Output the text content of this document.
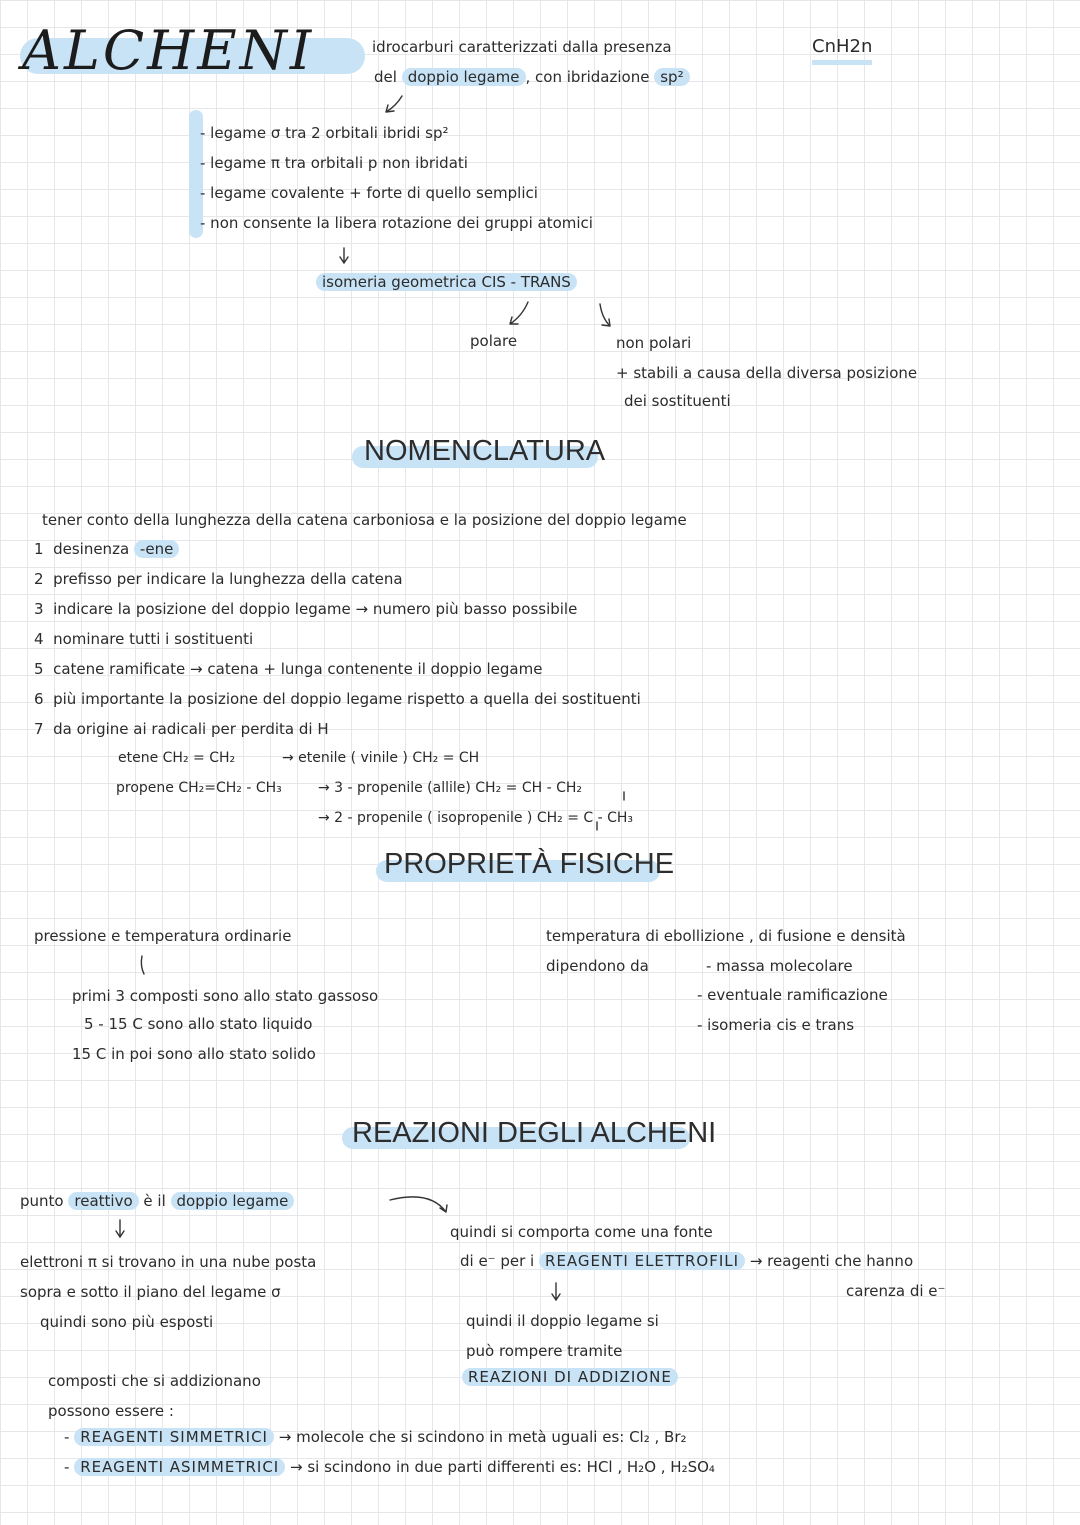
ALCHENI	idrocarburi caratterizzati dalla presenza
del doppio legame , con ibridazione sp²
CnH2n
- legame σ tra 2 orbitali ibridi sp²
- legame π tra orbitali p non ibridati
- legame covalente + forte di quello semplici
- non consente la libera rotazione dei gruppi atomici
isomeria geometrica CIS - TRANS
polare	non polari
+ stabili a causa della diversa posizione
dei sostituenti
NOMENCLATURA
tener conto della lunghezza della catena carboniosa e la posizione del doppio legame
1 desinenza -ene
2 prefisso per indicare la lunghezza della catena
3 indicare la posizione del doppio legame → numero più basso possibile
4 nominare tutti i sostituenti
5 catene ramificate → catena + lunga contenente il doppio legame
6 più importante la posizione del doppio legame rispetto a quella dei sostituenti
7 da origine ai radicali per perdita di H
etene CH₂ = CH₂	→ etenile ( vinile ) CH₂ = CH
propene CH₂=CH₂ - CH₃	→ 3 - propenile (allile) CH₂ = CH - CH₂
→ 2 - propenile ( isopropenile ) CH₂ = C - CH₃
PROPRIETÀ FISICHE
pressione e temperatura ordinarie
primi 3 composti sono allo stato gassoso
5 - 15 C sono allo stato liquido
15 C in poi sono allo stato solido
temperatura di ebollizione , di fusione e densità
dipendono da	- massa molecolare
- eventuale ramificazione
- isomeria cis e trans
REAZIONI DEGLI ALCHENI
punto reattivo è il doppio legame
elettroni π si trovano in una nube posta
sopra e sotto il piano del legame σ
quindi sono più esposti
quindi si comporta come una fonte
di e⁻ per i REAGENTI ELETTROFILI → reagenti che hanno
carenza di e⁻
quindi il doppio legame si
può rompere tramite
REAZIONI DI ADDIZIONE
composti che si addizionano
possono essere :
- REAGENTI SIMMETRICI → molecole che si scindono in metà uguali es: Cl₂ , Br₂
- REAGENTI ASIMMETRICI → si scindono in due parti differenti es: HCl , H₂O , H₂SO₄
